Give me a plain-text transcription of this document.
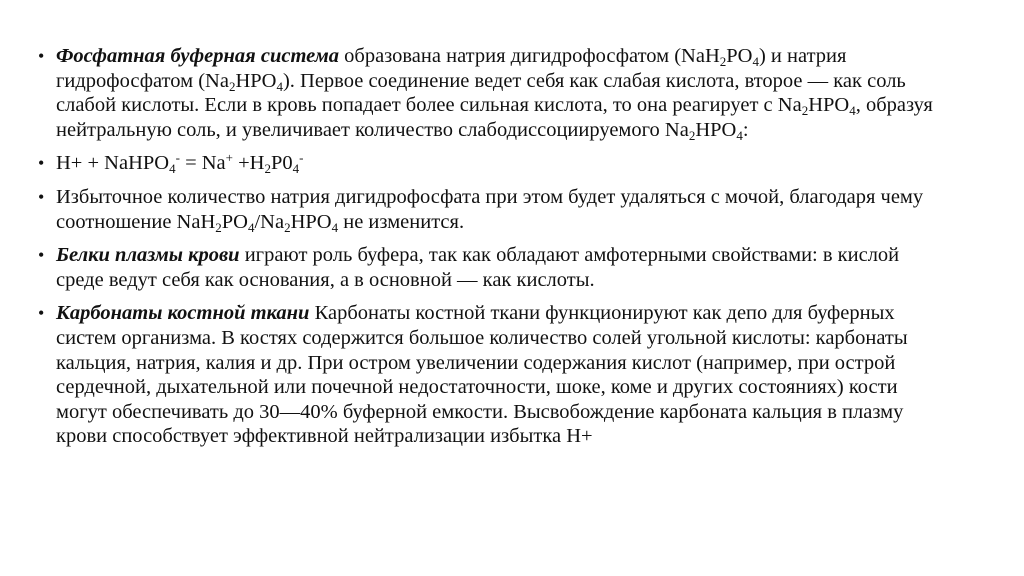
• Фосфатная буферная система образована натрия дигидрофосфатом $(NaH_2PO_4)$ и натрия гидрофосфатом $(Na_2HPO_4)$. Первое соединение ведет себя как слабая кислота, второе — как соль слабой кислоты. Если в кровь попадает более сильная кислота, то она реагирует с $Na_2HPO_4$, образуя нейтральную соль, и увеличивает количество слабодиссоциируемого $Na_2HPO_4$:
• H+ + NaHPO$_4$- = $Na^+ +H_2P0_4^-$
• Избыточное количество натрия дигидрофосфата при этом будет удаляться с мочой, благодаря чему соотношение $NaH_2PO_4/Na_2HPO_4$ не изменится.
• Белки плазмы крови играют роль буфера, так как обладают амфотерными свойствами: в кислой среде ведут себя как основания, а в основной — как кислоты.
• Карбонаты костной ткани Карбонаты костной ткани функционируют как депо для буферных систем организма. В костях содержится большое количество солей угольной кислоты: карбонаты кальция, натрия, калия и др. При остром увеличении содержания кислот (например, при острой сердечной, дыхательной или почечной недостаточности, шоке, коме и других состояниях) кости могут обеспечивать до 30—40% буферной емкости. Высвобождение карбоната кальция в плазму крови способствует эффективной нейтрализации избытка H+
